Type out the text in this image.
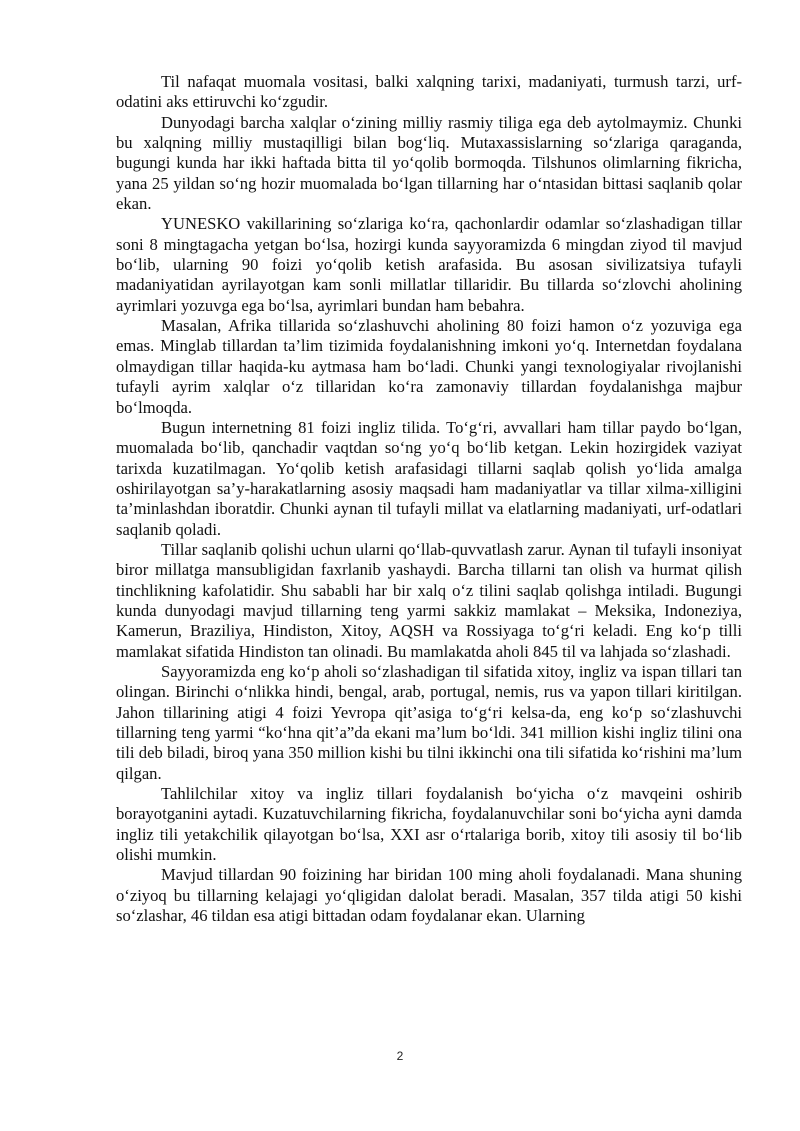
Til nafaqat muomala vositasi, balki xalqning tarixi, madaniyati, turmush tarzi, urf-odatini aks ettiruvchi ko‘zgudir.

Dunyodagi barcha xalqlar o‘zining milliy rasmiy tiliga ega deb aytolmaymiz. Chunki bu xalqning milliy mustaqilligi bilan bog‘liq. Mutaxassislarning so‘zlariga qaraganda, bugungi kunda har ikki haftada bitta til yo‘qolib bormoqda. Tilshunos olimlarning fikricha, yana 25 yildan so‘ng hozir muomalada bo‘lgan tillarning har o‘ntasidan bittasi saqlanib qolar ekan.

YUNESKO vakillarining so‘zlariga ko‘ra, qachonlardir odamlar so‘zlashadigan tillar soni 8 mingtagacha yetgan bo‘lsa, hozirgi kunda sayyoramizda 6 mingdan ziyod til mavjud bo‘lib, ularning 90 foizi yo‘qolib ketish arafasida. Bu asosan sivilizatsiya tufayli madaniyatidan ayrilayotgan kam sonli millatlar tillaridir. Bu tillarda so‘zlovchi aholining ayrimlari yozuvga ega bo‘lsa, ayrimlari bundan ham bebahra.

Masalan, Afrika tillarida so‘zlashuvchi aholining 80 foizi hamon o‘z yozuviga ega emas. Minglab tillardan ta’lim tizimida foydalanishning imkoni yo‘q. Internetdan foydalana olmaydigan tillar haqida-ku aytmasa ham bo‘ladi. Chunki yangi texnologiyalar rivojlanishi tufayli ayrim xalqlar o‘z tillaridan ko‘ra zamonaviy tillardan foydalanishga majbur bo‘lmoqda.

Bugun internetning 81 foizi ingliz tilida. To‘g‘ri, avvallari ham tillar paydo bo‘lgan, muomalada bo‘lib, qanchadir vaqtdan so‘ng yo‘q bo‘lib ketgan. Lekin hozirgidek vaziyat tarixda kuzatilmagan. Yo‘qolib ketish arafasidagi tillarni saqlab qolish yo‘lida amalga oshirilayotgan sa’y-harakatlarning asosiy maqsadi ham madaniyatlar va tillar xilma-xilligini ta’minlashdan iboratdir. Chunki aynan til tufayli millat va elatlarning madaniyati, urf-odatlari saqlanib qoladi.

Tillar saqlanib qolishi uchun ularni qo‘llab-quvvatlash zarur. Aynan til tufayli insoniyat biror millatga mansubligidan faxrlanib yashaydi. Barcha tillarni tan olish va hurmat qilish tinchlikning kafolatidir. Shu sababli har bir xalq o‘z tilini saqlab qolishga intiladi. Bugungi kunda dunyodagi mavjud tillarning teng yarmi sakkiz mamlakat – Meksika, Indoneziya, Kamerun, Braziliya, Hindiston, Xitoy, AQSH va Rossiyaga to‘g‘ri keladi. Eng ko‘p tilli mamlakat sifatida Hindiston tan olinadi. Bu mamlakatda aholi 845 til va lahjada so‘zlashadi.

Sayyoramizda eng ko‘p aholi so‘zlashadigan til sifatida xitoy, ingliz va ispan tillari tan olingan. Birinchi o‘nlikka hindi, bengal, arab, portugal, nemis, rus va yapon tillari kiritilgan. Jahon tillarining atigi 4 foizi Yevropa qit’asiga to‘g‘ri kelsa-da, eng ko‘p so‘zlashuvchi tillarning teng yarmi “ko‘hna qit’a”da ekani ma’lum bo‘ldi. 341 million kishi ingliz tilini ona tili deb biladi, biroq yana 350 million kishi bu tilni ikkinchi ona tili sifatida ko‘rishini ma’lum qilgan.

Tahlilchilar xitoy va ingliz tillari foydalanish bo‘yicha o‘z mavqeini oshirib borayotganini aytadi. Kuzatuvchilarning fikricha, foydalanuvchilar soni bo‘yicha ayni damda ingliz tili yetakchilik qilayotgan bo‘lsa, XXI asr o‘rtalariga borib, xitoy tili asosiy til bo‘lib olishi mumkin.

Mavjud tillardan 90 foizining har biridan 100 ming aholi foydalanadi. Mana shuning o‘ziyoq bu tillarning kelajagi yo‘qligidan dalolat beradi. Masalan, 357 tilda atigi 50 kishi so‘zlashar, 46 tildan esa atigi bittadan odam foydalanar ekan. Ularning

2
